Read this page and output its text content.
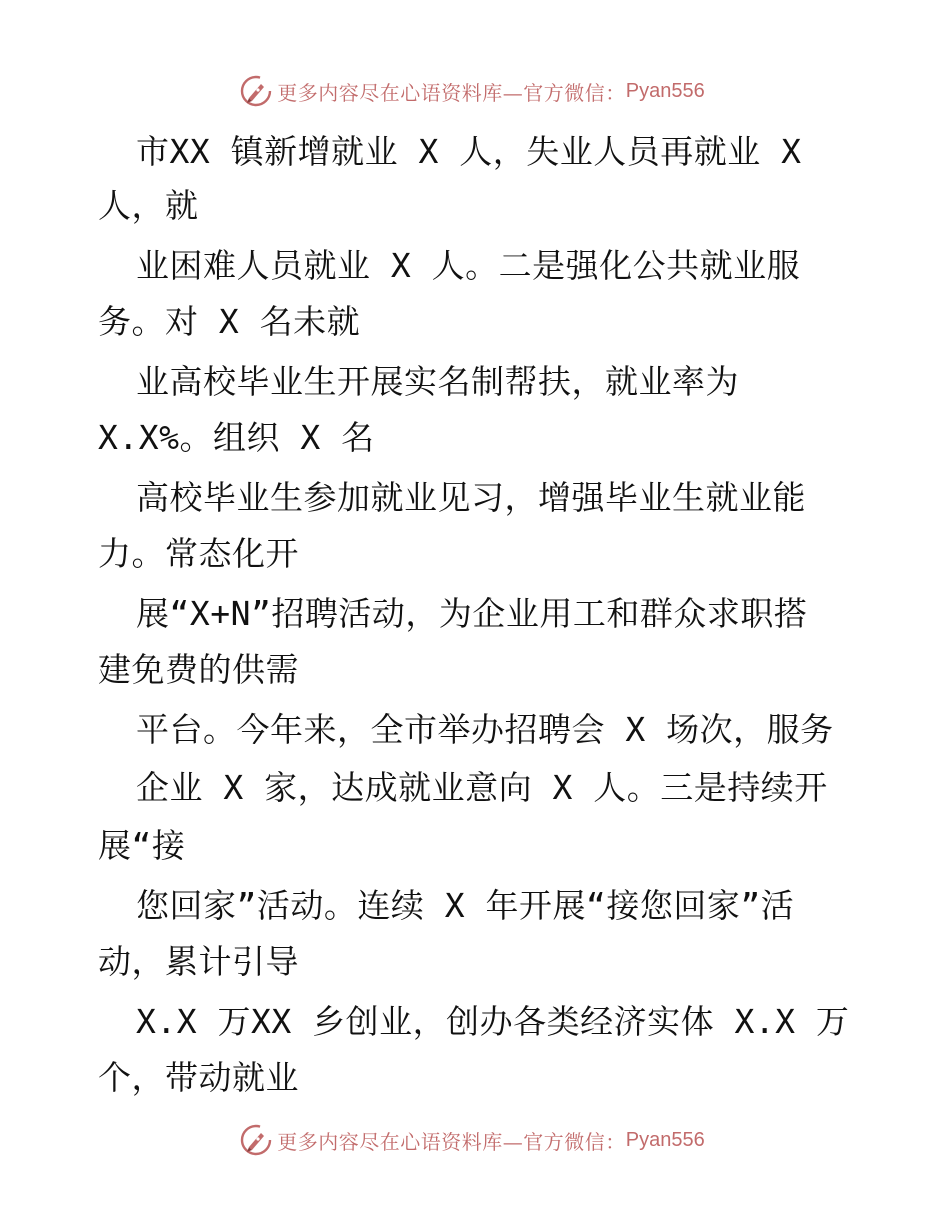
更多内容尽在心语资料库—官方微信： Pyan556
市XX 镇新增就业 X 人，失业人员再就业 X
人，就
业困难人员就业 X 人。二是强化公共就业服
务。对 X 名未就
业高校毕业生开展实名制帮扶，就业率为
X.X%。组织 X 名
高校毕业生参加就业见习，增强毕业生就业能
力。常态化开
展“X+N”招聘活动，为企业用工和群众求职搭
建免费的供需
平台。今年来，全市举办招聘会 X 场次，服务
企业 X 家，达成就业意向 X 人。三是持续开
展“接
您回家”活动。连续 X 年开展“接您回家”活
动，累计引导
X.X 万XX 乡创业，创办各类经济实体 X.X 万
个，带动就业
更多内容尽在心语资料库—官方微信： Pyan556
